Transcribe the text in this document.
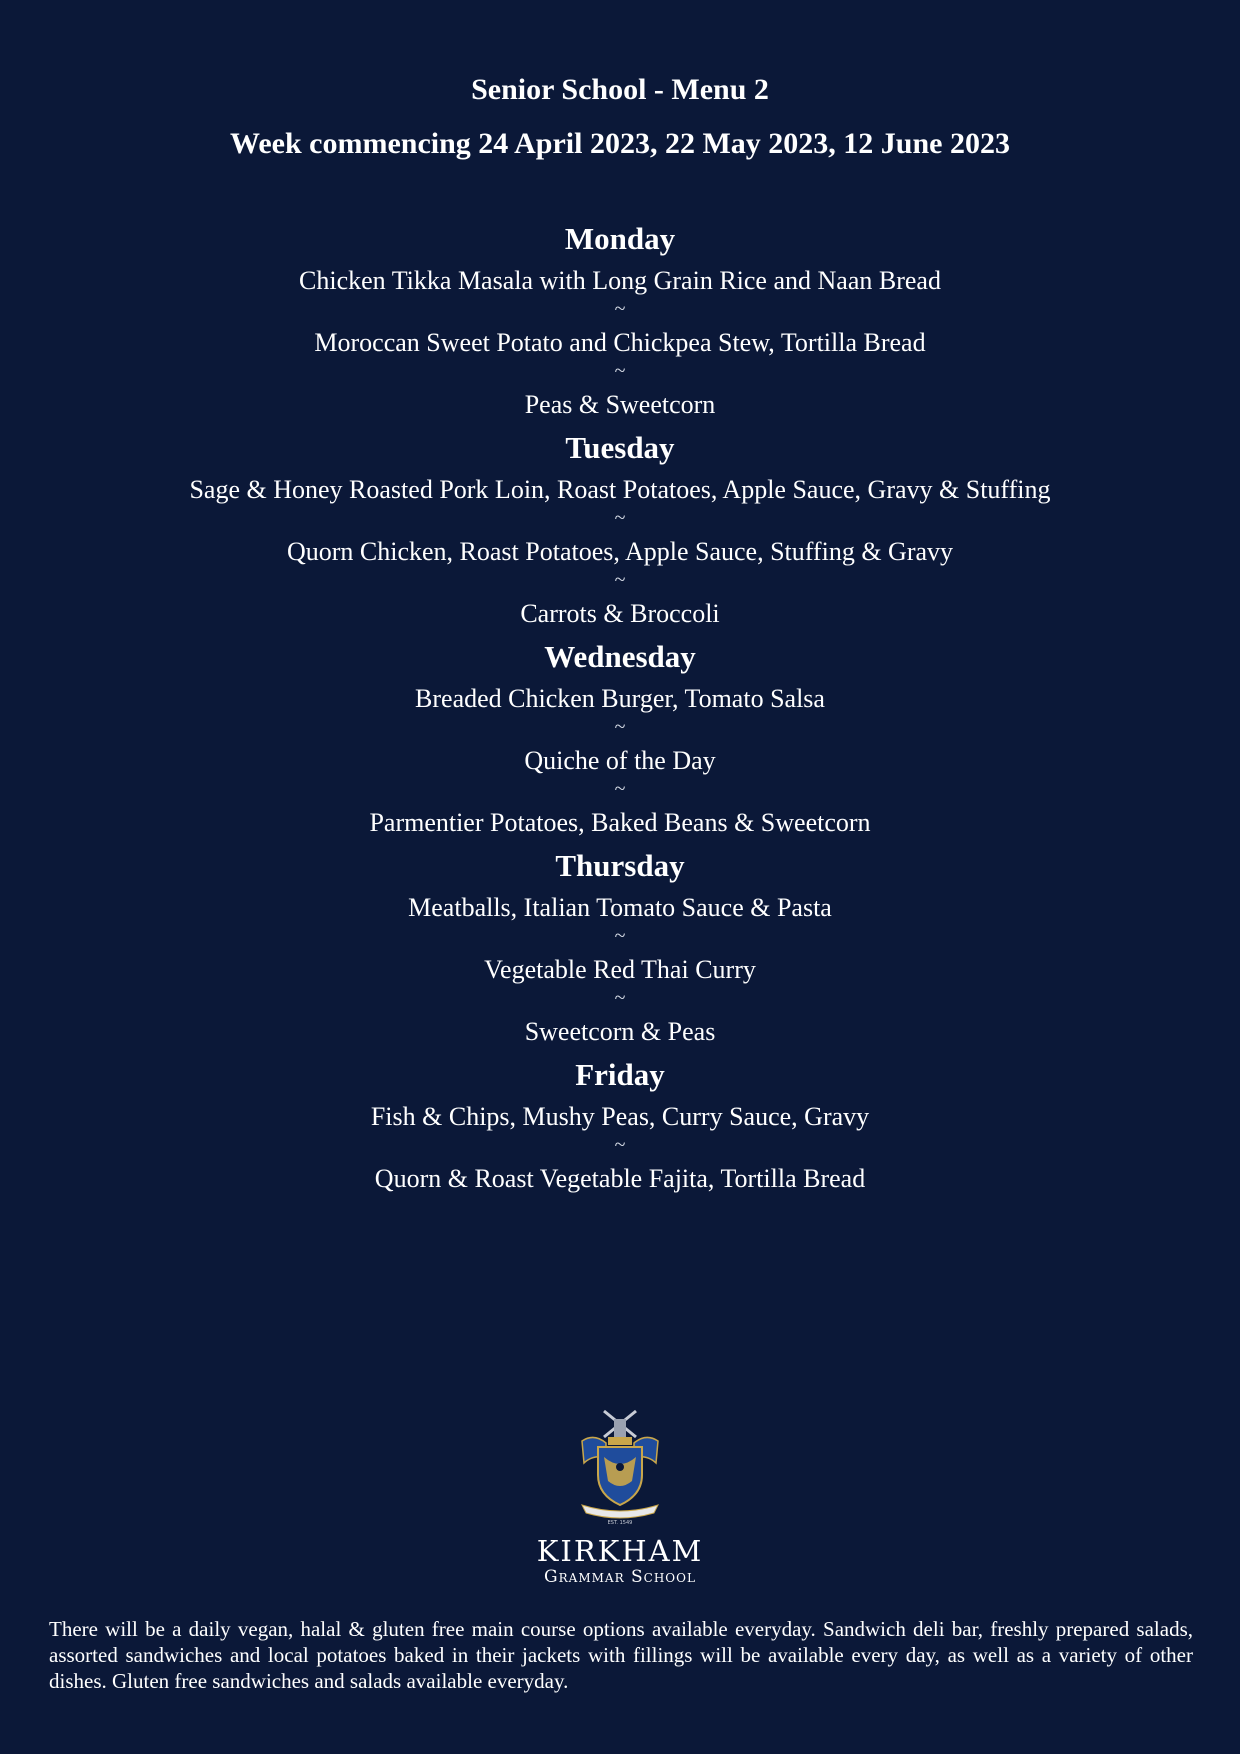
Senior School - Menu 2
Week commencing 24 April 2023, 22 May 2023, 12 June 2023
Monday
Chicken Tikka Masala with Long Grain Rice and Naan Bread
~
Moroccan Sweet Potato and Chickpea Stew, Tortilla Bread
~
Peas & Sweetcorn
Tuesday
Sage & Honey Roasted Pork Loin, Roast Potatoes, Apple Sauce, Gravy & Stuffing
~
Quorn Chicken, Roast Potatoes, Apple Sauce, Stuffing & Gravy
~
Carrots & Broccoli
Wednesday
Breaded Chicken Burger, Tomato Salsa
~
Quiche of the Day
~
Parmentier Potatoes, Baked Beans & Sweetcorn
Thursday
Meatballs, Italian Tomato Sauce & Pasta
~
Vegetable Red Thai Curry
~
Sweetcorn & Peas
Friday
Fish & Chips, Mushy Peas, Curry Sauce, Gravy
~
Quorn & Roast Vegetable Fajita, Tortilla Bread
EST. 1549
KIRKHAM
Grammar School
There will be a daily vegan, halal & gluten free main course options available everyday. Sandwich deli bar, freshly prepared salads, assorted sandwiches and local potatoes baked in their jackets with fillings will be available every day, as well as a variety of other dishes. Gluten free sandwiches and salads available everyday.
